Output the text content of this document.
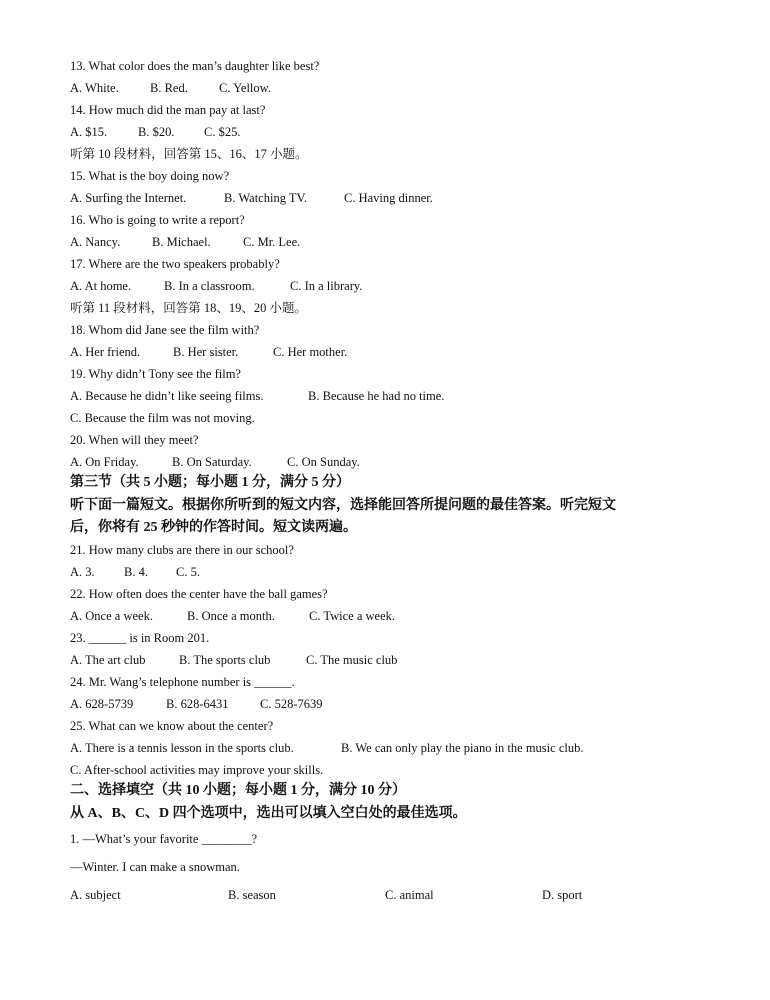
13. What color does the man’s daughter like best?
A. White.	B. Red. C. Yellow.
14. How much did the man pay at last?
A. $15. B. $20. C. $25.
听第 10 段材料，回答第 15、16、17 小题。
15. What is the boy doing now?
A. Surfing the Internet.	B. Watching TV.	C. Having dinner.
16. Who is going to write a report?
A. Nancy.	B. Michael.	C. Mr. Lee.
17. Where are the two speakers probably?
A. At home.	B. In a classroom.	C. In a library.
听第 11 段材料，回答第 18、19、20 小题。
18. Whom did Jane see the film with?
A. Her friend.	B. Her sister.	C. Her mother.
19. Why didn’t Tony see the film?
A. Because he didn’t like seeing films.	B. Because he had no time.
C. Because the film was not moving.
20. When will they meet?
A. On Friday.	B. On Saturday.	C. On Sunday.
第三节（共 5 小题；每小题 1 分，满分 5 分）
听下面一篇短文。根据你所听到的短文内容，选择能回答所提问题的最佳答案。听完短文
后，你将有 25 秒钟的作答时间。短文读两遍。
21. How many clubs are there in our school?
A. 3. B. 4. C. 5.
22. How often does the center have the ball games?
A. Once a week.	B. Once a month.	C. Twice a week.
23. ______ is in Room 201.
A. The art club	B. The sports club	C. The music club
24. Mr. Wang’s telephone number is ______.
A. 628-5739	B. 628-6431	C. 528-7639
25. What can we know about the center?
A. There is a tennis lesson in the sports club.	B. We can only play the piano in the music club.
C. After-school activities may improve your skills.
二、选择填空（共 10 小题；每小题 1 分，满分 10 分）
从 A、B、C、D 四个选项中，选出可以填入空白处的最佳选项。
1. —What’s your favorite ________?
—Winter. I can make a snowman.
A. subject	B. season	C. animal	D. sport
